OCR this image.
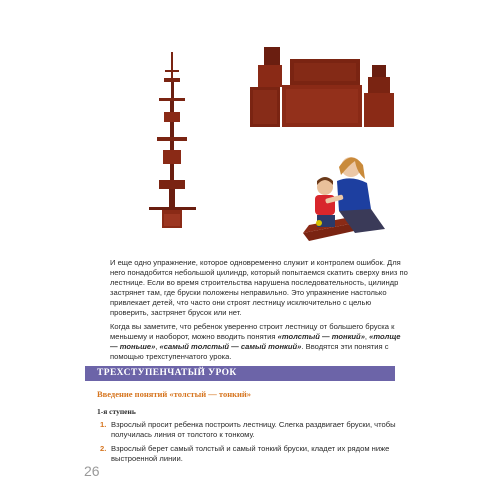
И еще одно упражнение, которое одновременно служит и контролем ошибок. Для него понадобится небольшой цилиндр, который попытаемся скатить сверху вниз по лестнице. Если во время строительства нарушена последовательность, цилиндр застрянет там, где бруски положены неправильно. Это упражнение настолько привлекает детей, что часто они строят лестницу исключительно с целью проверить, застрянет брусок или нет.

Когда вы заметите, что ребенок уверенно строит лестницу от большего бруска к меньшему и наоборот, можно вводить понятия «толстый — тонкий», «толще — тоньше», «самый толстый — самый тонкий». Вводятся эти понятия с помощью трехступенчатого урока.

ТРЕХСТУПЕНЧАТЫЙ УРОК
Введение понятий «толстый — тонкий»
1-я ступень
1. Взрослый просит ребенка построить лестницу. Слегка раздвигает бруски, чтобы получилась линия от толстого к тонкому.
2. Взрослый берет самый толстый и самый тонкий бруски, кладет их рядом ниже выстроенной линии.
26
